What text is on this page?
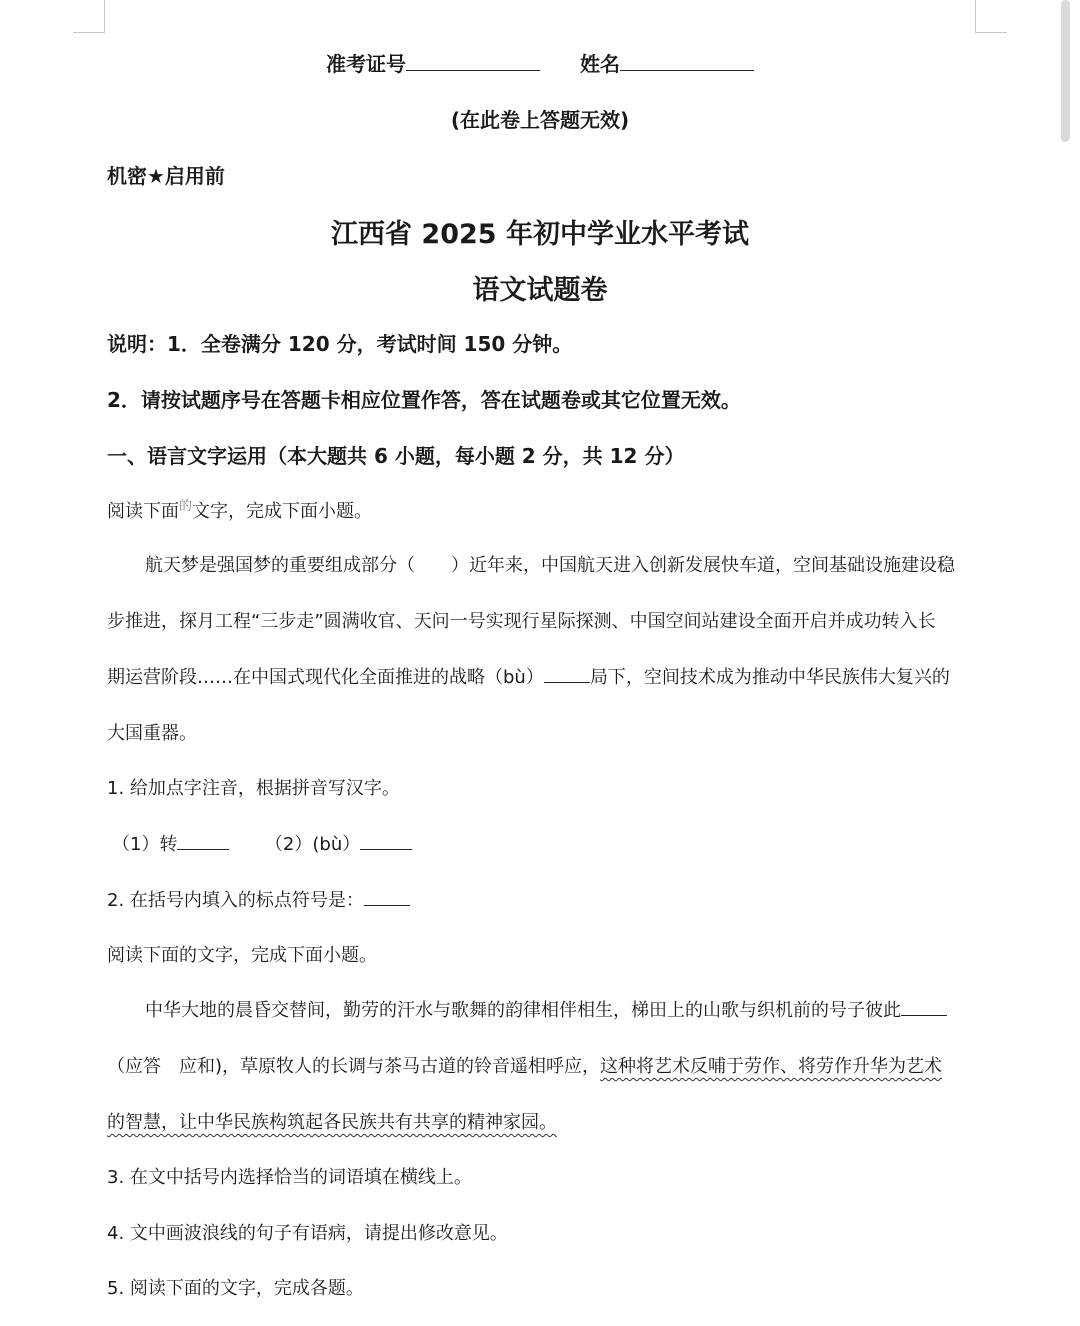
准考证号	姓名
(在此卷上答题无效)
机密★启用前
江西省 2025 年初中学业水平考试
语文试题卷
说明：1．全卷满分 120 分，考试时间 150 分钟。
2．请按试题序号在答题卡相应位置作答，答在试题卷或其它位置无效。
一、语言文字运用（本大题共 6 小题，每小题 2 分，共 12 分）
阅读下面$^的$文字，完成下面小题。
航天梦是强国梦的重要组成部分（　　）近年来，中国航天进入创新发展快车道，空间基础设施建设稳
步推进，探月工程“三步走”圆满收官、天问一号实现行星际探测、中国空间站建设全面开启并成功转入长
期运营阶段……在中国式现代化全面推进的战略（bù）	局下，空间技术成为推动中华民族伟大复兴的
大国重器。
1. 给加点字注音，根据拼音写汉字。
（1）转	（2）(bù）
2. 在括号内填入的标点符号是：
阅读下面的文字，完成下面小题。
中华大地的晨昏交替间，勤劳的汗水与歌舞的韵律相伴相生，梯田上的山歌与织机前的号子彼此
（应答　应和)，草原牧人的长调与茶马古道的铃音遥相呼应，这种将艺术反哺于劳作、将劳作升华为艺术
的智慧，让中华民族构筑起各民族共有共享的精神家园。
3. 在文中括号内选择恰当的词语填在横线上。
4. 文中画波浪线的句子有语病，请提出修改意见。
5. 阅读下面的文字，完成各题。
